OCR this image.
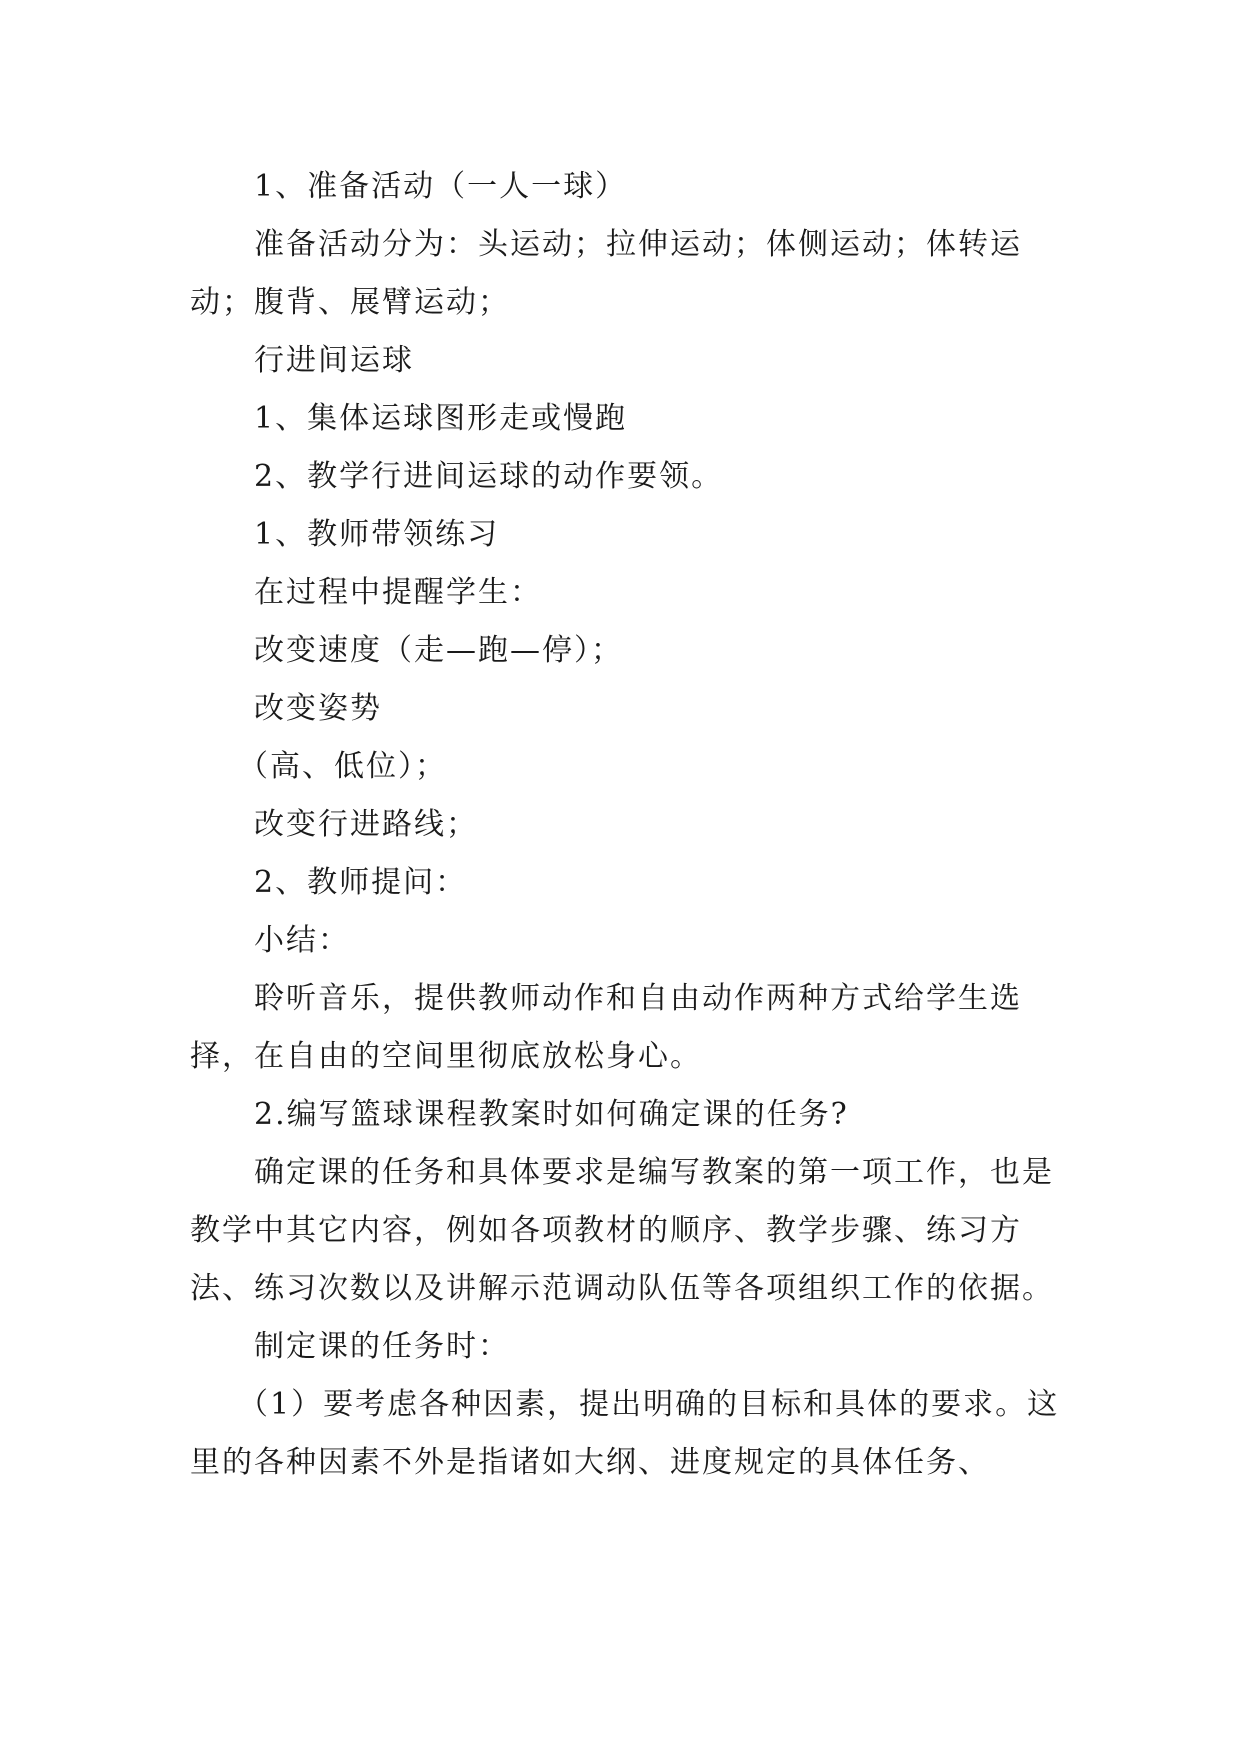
1、准备活动（一人一球）

准备活动分为：头运动；拉伸运动；体侧运动；体转运动；腹背、展臂运动；

行进间运球

1、集体运球图形走或慢跑

2、教学行进间运球的动作要领。

1、教师带领练习

在过程中提醒学生：

改变速度（走—跑—停）；

改变姿势

（高、低位）；

改变行进路线；

2、教师提问：

小结：

聆听音乐，提供教师动作和自由动作两种方式给学生选择，在自由的空间里彻底放松身心。

2.编写篮球课程教案时如何确定课的任务?

确定课的任务和具体要求是编写教案的第一项工作，也是教学中其它内容，例如各项教材的顺序、教学步骤、练习方法、练习次数以及讲解示范调动队伍等各项组织工作的依据。

制定课的任务时：

（1）要考虑各种因素，提出明确的目标和具体的要求。这里的各种因素不外是指诸如大纲、进度规定的具体任务、
